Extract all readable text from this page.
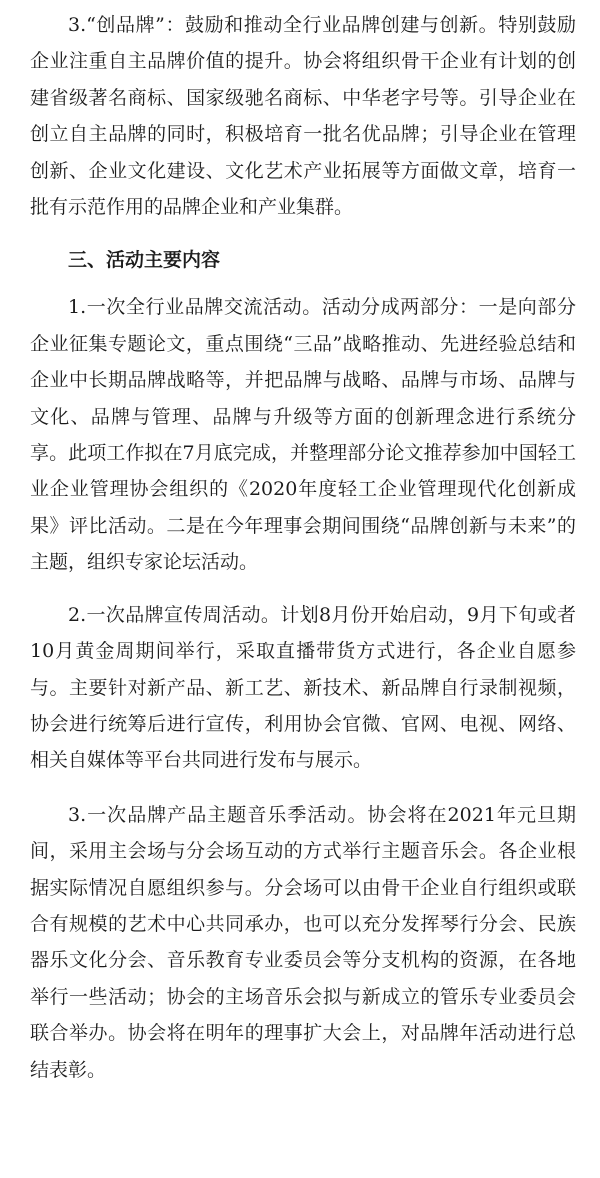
3.“创品牌”：鼓励和推动全行业品牌创建与创新。特别鼓励企业注重自主品牌价值的提升。协会将组织骨干企业有计划的创建省级著名商标、国家级驰名商标、中华老字号等。引导企业在创立自主品牌的同时，积极培育一批名优品牌；引导企业在管理创新、企业文化建设、文化艺术产业拓展等方面做文章，培育一批有示范作用的品牌企业和产业集群。

三、活动主要内容

1.一次全行业品牌交流活动。活动分成两部分：一是向部分企业征集专题论文，重点围绕“三品”战略推动、先进经验总结和企业中长期品牌战略等，并把品牌与战略、品牌与市场、品牌与文化、品牌与管理、品牌与升级等方面的创新理念进行系统分享。此项工作拟在7月底完成，并整理部分论文推荐参加中国轻工业企业管理协会组织的《2020年度轻工企业管理现代化创新成果》评比活动。二是在今年理事会期间围绕“品牌创新与未来”的主题，组织专家论坛活动。

2.一次品牌宣传周活动。计划8月份开始启动，9月下旬或者10月黄金周期间举行，采取直播带货方式进行，各企业自愿参与。主要针对新产品、新工艺、新技术、新品牌自行录制视频，协会进行统筹后进行宣传，利用协会官微、官网、电视、网络、相关自媒体等平台共同进行发布与展示。

3.一次品牌产品主题音乐季活动。协会将在2021年元旦期间，采用主会场与分会场互动的方式举行主题音乐会。各企业根据实际情况自愿组织参与。分会场可以由骨干企业自行组织或联合有规模的艺术中心共同承办，也可以充分发挥琴行分会、民族器乐文化分会、音乐教育专业委员会等分支机构的资源，在各地举行一些活动；协会的主场音乐会拟与新成立的管乐专业委员会联合举办。协会将在明年的理事扩大会上，对品牌年活动进行总结表彰。
